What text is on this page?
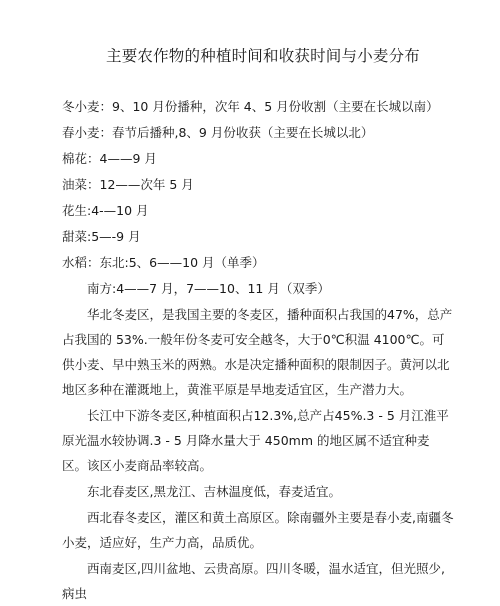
主要农作物的种植时间和收获时间与小麦分布
冬小麦：9、10 月份播种，次年 4、5 月份收割（主要在长城以南）
春小麦：春节后播种,8、9 月份收获（主要在长城以北）
棉花：4——9 月
油菜：12——次年 5 月
花生:4-—10 月
甜菜:5—-9 月
水稻：东北:5、6——10 月（单季）
南方:4——7 月，7——10、11 月（双季）

华北冬麦区，是我国主要的冬麦区，播种面积占我国的47%，总产占我国的 53%.一般年份冬麦可安全越冬，大于0℃积温 4100℃。可供小麦、早中熟玉米的两熟。水是决定播种面积的限制因子。黄河以北地区多种在灌溉地上，黄淮平原是旱地麦适宜区，生产潜力大。

长江中下游冬麦区,种植面积占12.3%,总产占45%.3 - 5 月江淮平原光温水较协调.3 - 5 月降水量大于 450mm 的地区属不适宜种麦区。该区小麦商品率较高。

东北春麦区,黑龙江、吉林温度低，春麦适宜。

西北春冬麦区，灌区和黄土高原区。除南疆外主要是春小麦,南疆冬小麦，适应好，生产力高，品质优。

西南麦区,四川盆地、云贵高原。四川冬暖，温水适宜，但光照少,病虫
